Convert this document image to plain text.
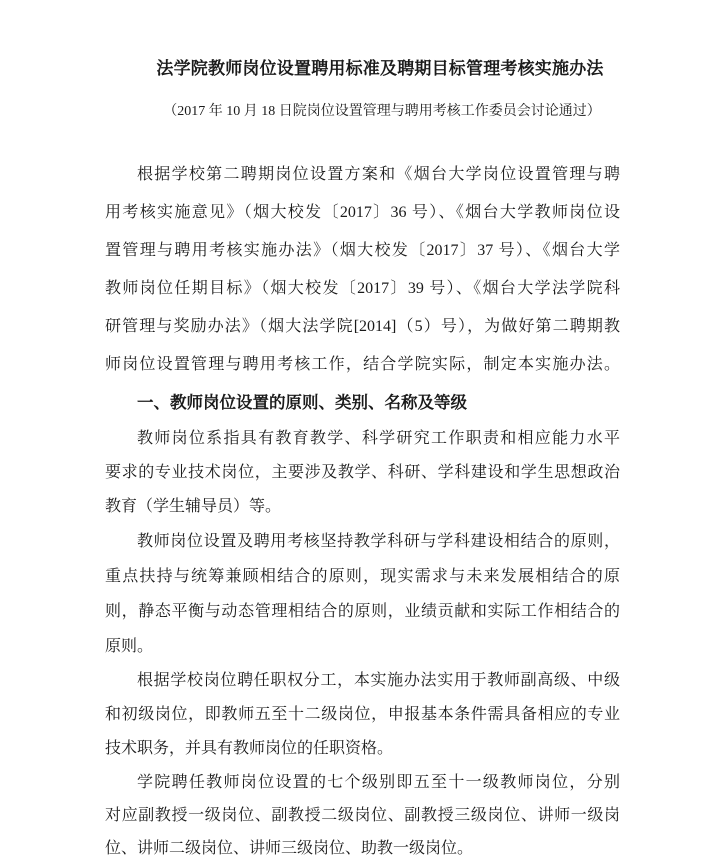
法学院教师岗位设置聘用标准及聘期目标管理考核实施办法
（2017 年 10 月 18 日院岗位设置管理与聘用考核工作委员会讨论通过）
根据学校第二聘期岗位设置方案和《烟台大学岗位设置管理与聘
用考核实施意见》（烟大校发〔2017〕36 号）、《烟台大学教师岗位设
置管理与聘用考核实施办法》（烟大校发〔2017〕37 号）、《烟台大学
教师岗位任期目标》（烟大校发〔2017〕39 号）、《烟台大学法学院科
研管理与奖励办法》（烟大法学院[2014]（5）号），为做好第二聘期教
师岗位设置管理与聘用考核工作，结合学院实际，制定本实施办法。
一、教师岗位设置的原则、类别、名称及等级
教师岗位系指具有教育教学、科学研究工作职责和相应能力水平
要求的专业技术岗位，主要涉及教学、科研、学科建设和学生思想政治
教育（学生辅导员）等。
教师岗位设置及聘用考核坚持教学科研与学科建设相结合的原则，
重点扶持与统筹兼顾相结合的原则，现实需求与未来发展相结合的原
则，静态平衡与动态管理相结合的原则，业绩贡献和实际工作相结合的
原则。
根据学校岗位聘任职权分工，本实施办法实用于教师副高级、中级
和初级岗位，即教师五至十二级岗位，申报基本条件需具备相应的专业
技术职务，并具有教师岗位的任职资格。
学院聘任教师岗位设置的七个级别即五至十一级教师岗位，分别
对应副教授一级岗位、副教授二级岗位、副教授三级岗位、讲师一级岗
位、讲师二级岗位、讲师三级岗位、助教一级岗位。
